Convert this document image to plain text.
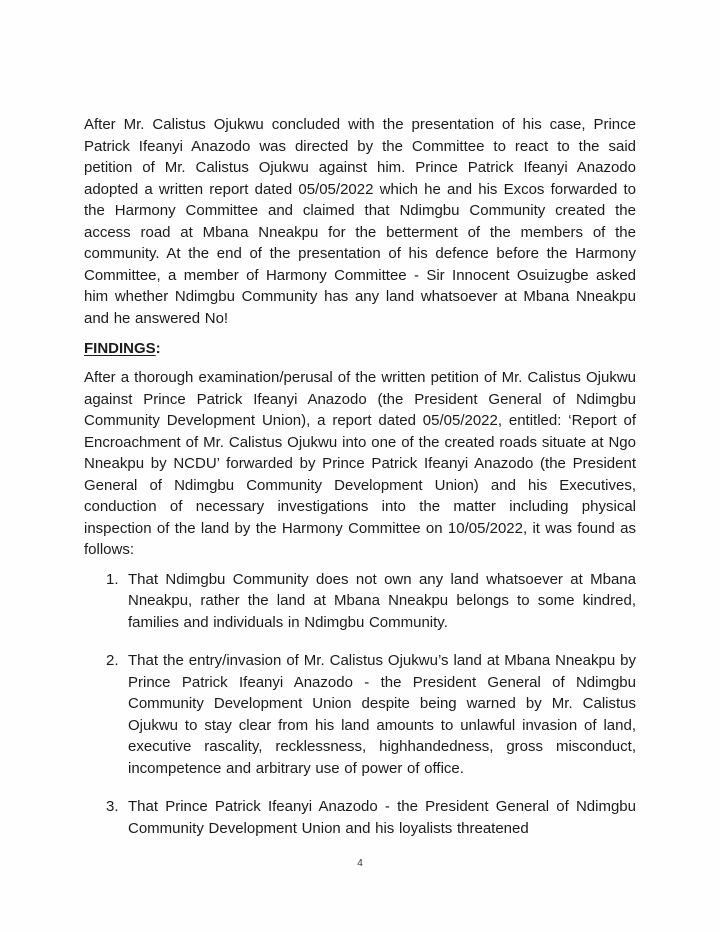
After Mr. Calistus Ojukwu concluded with the presentation of his case, Prince Patrick Ifeanyi Anazodo was directed by the Committee to react to the said petition of Mr. Calistus Ojukwu against him. Prince Patrick Ifeanyi Anazodo adopted a written report dated 05/05/2022 which he and his Excos forwarded to the Harmony Committee and claimed that Ndimgbu Community created the access road at Mbana Nneakpu for the betterment of the members of the community. At the end of the presentation of his defence before the Harmony Committee, a member of Harmony Committee - Sir Innocent Osuizugbe asked him whether Ndimgbu Community has any land whatsoever at Mbana Nneakpu and he answered No!

FINDINGS:

After a thorough examination/perusal of the written petition of Mr. Calistus Ojukwu against Prince Patrick Ifeanyi Anazodo (the President General of Ndimgbu Community Development Union), a report dated 05/05/2022, entitled: ‘Report of Encroachment of Mr. Calistus Ojukwu into one of the created roads situate at Ngo Nneakpu by NCDU’ forwarded by Prince Patrick Ifeanyi Anazodo (the President General of Ndimgbu Community Development Union) and his Executives, conduction of necessary investigations into the matter including physical inspection of the land by the Harmony Committee on 10/05/2022, it was found as follows:

1. That Ndimgbu Community does not own any land whatsoever at Mbana Nneakpu, rather the land at Mbana Nneakpu belongs to some kindred, families and individuals in Ndimgbu Community.
2. That the entry/invasion of Mr. Calistus Ojukwu’s land at Mbana Nneakpu by Prince Patrick Ifeanyi Anazodo - the President General of Ndimgbu Community Development Union despite being warned by Mr. Calistus Ojukwu to stay clear from his land amounts to unlawful invasion of land, executive rascality, recklessness, highhandedness, gross misconduct, incompetence and arbitrary use of power of office.
3. That Prince Patrick Ifeanyi Anazodo - the President General of Ndimgbu Community Development Union and his loyalists threatened
4
